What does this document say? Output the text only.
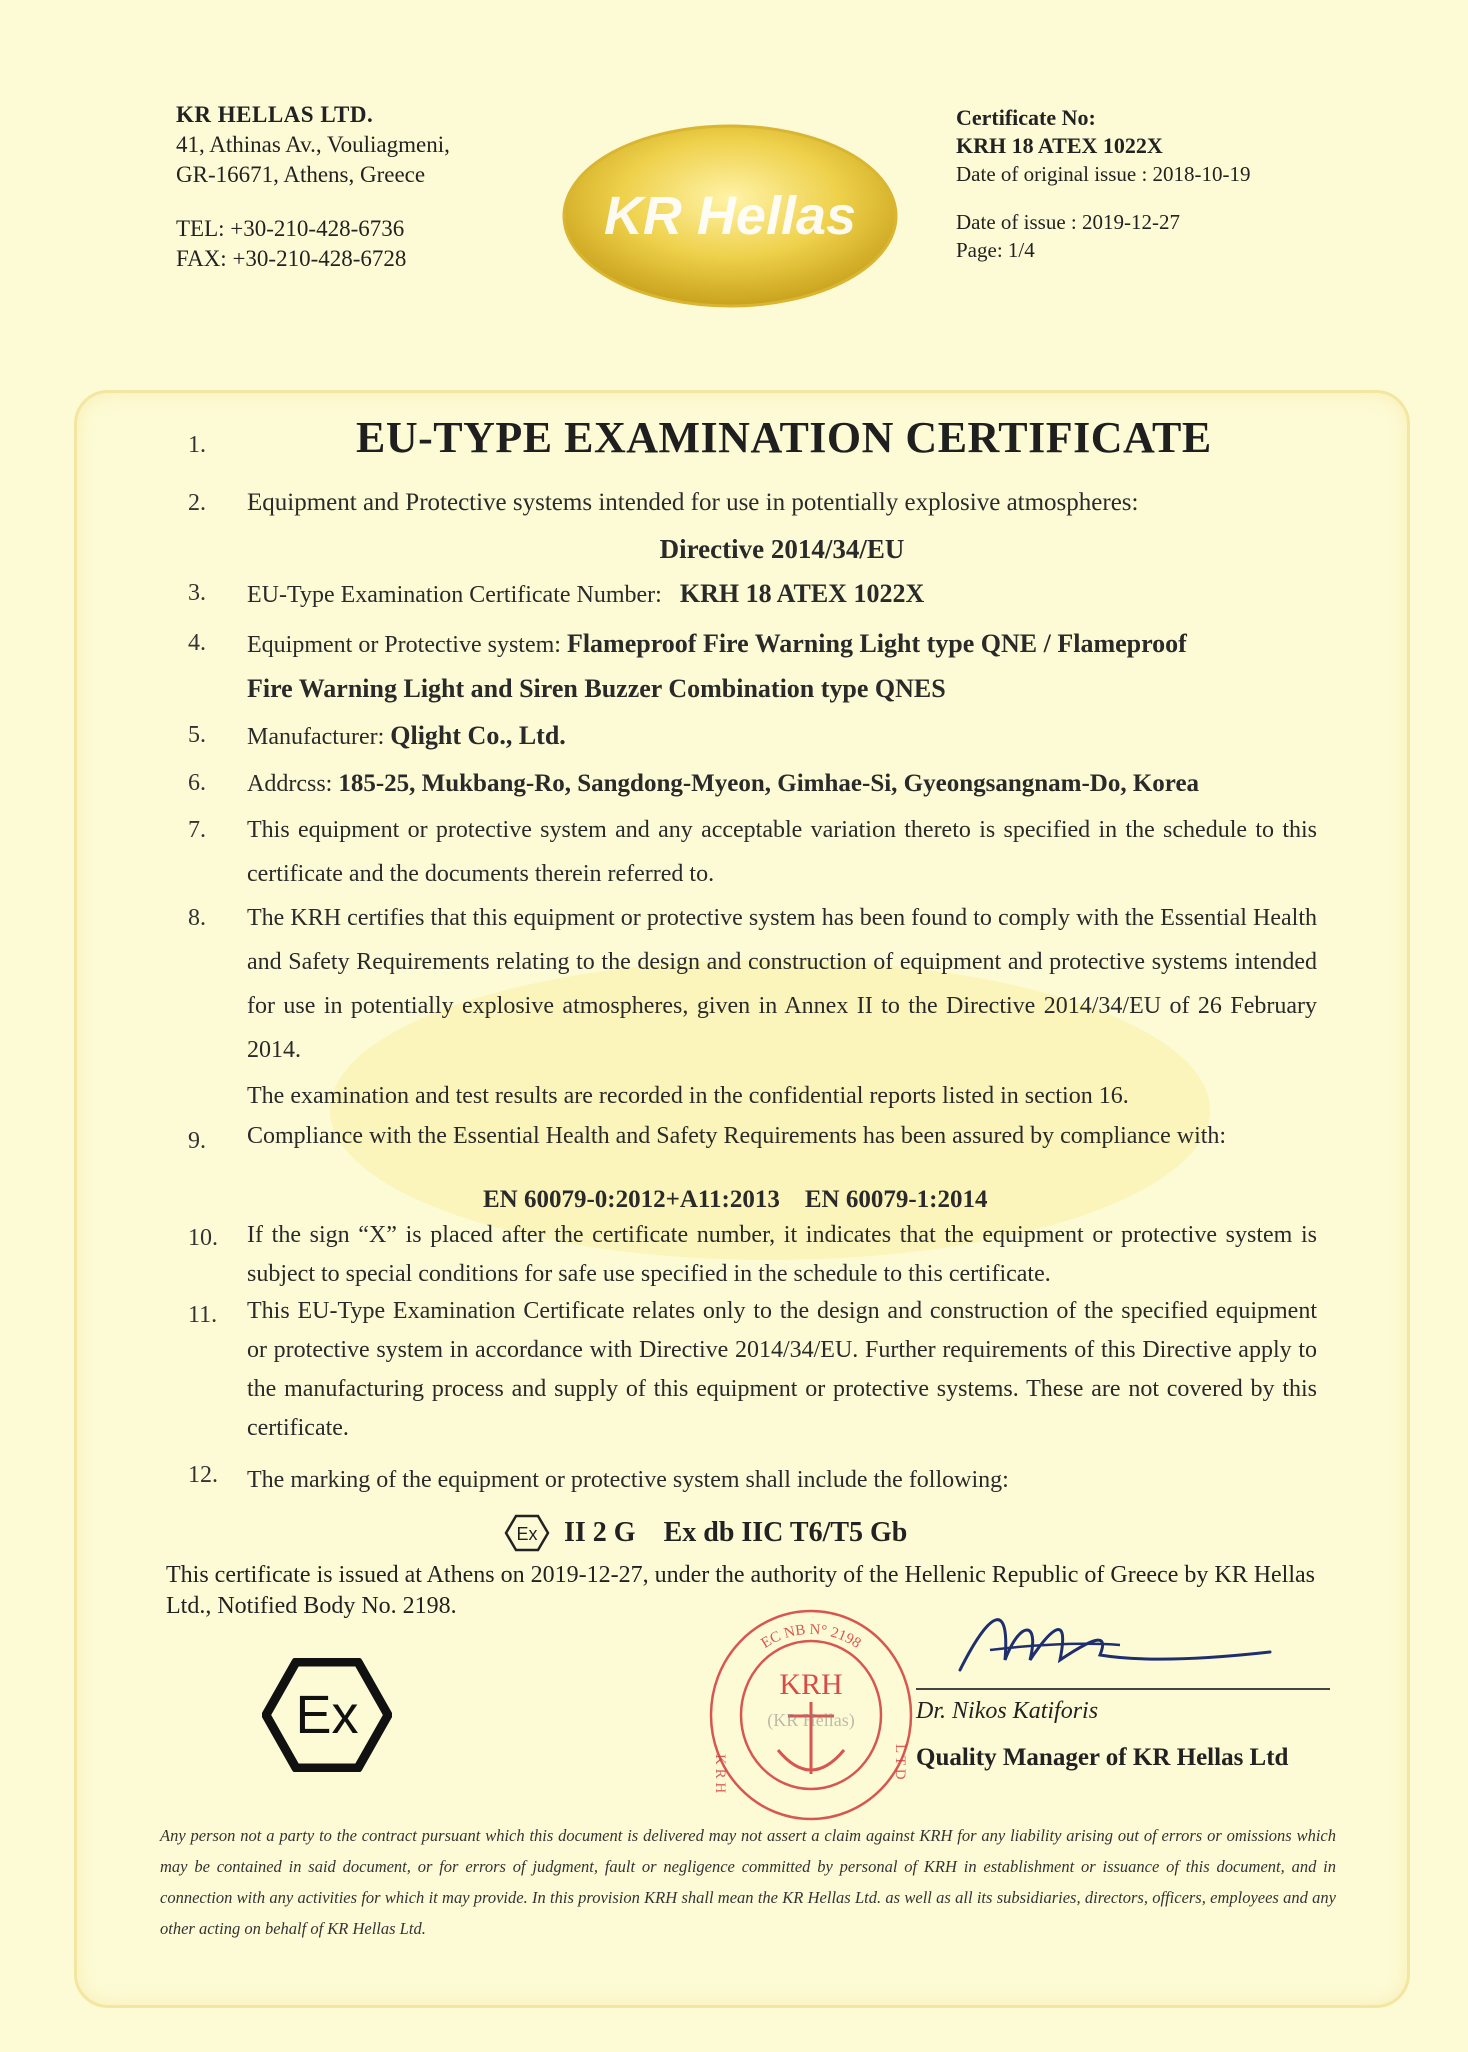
KR HELLAS LTD.
41, Athinas Av., Vouliagmeni,
GR-16671, Athens, Greece
TEL: +30-210-428-6736
FAX: +30-210-428-6728
KR Hellas
Certificate No:
KRH 18 ATEX 1022X
Date of original issue : 2018-10-19
Date of issue : 2019-12-27
Page: 1/4
1.	EU-TYPE EXAMINATION CERTIFICATE
2. Equipment and Protective systems intended for use in potentially explosive atmospheres:
Directive 2014/34/EU
3. EU-Type Examination Certificate Number: KRH 18 ATEX 1022X
4. Equipment or Protective system: Flameproof Fire Warning Light type QNE / Flameproof
Fire Warning Light and Siren Buzzer Combination type QNES
5. Manufacturer: Qlight Co., Ltd.
6. Addrcss: 185-25, Mukbang-Ro, Sangdong-Myeon, Gimhae-Si, Gyeongsangnam-Do, Korea
7. This equipment or protective system and any acceptable variation thereto is specified in the schedule to this certificate and the documents therein referred to.
8. The KRH certifies that this equipment or protective system has been found to comply with the Essential Health and Safety Requirements relating to the design and construction of equipment and protective systems intended for use in potentially explosive atmospheres, given in Annex II to the Directive 2014/34/EU of 26 February 2014.
The examination and test results are recorded in the confidential reports listed in section 16.
9. Compliance with the Essential Health and Safety Requirements has been assured by compliance with:
EN 60079-0:2012+A11:2013    EN 60079-1:2014
10. If the sign “X” is placed after the certificate number, it indicates that the equipment or protective system is subject to special conditions for safe use specified in the schedule to this certificate.
11. This EU-Type Examination Certificate relates only to the design and construction of the specified equipment or protective system in accordance with Directive 2014/34/EU. Further requirements of this Directive apply to the manufacturing process and supply of this equipment or protective systems. These are not covered by this certificate.
12. The marking of the equipment or protective system shall include the following:
Ex II 2 G    Ex db IIC T6/T5 Gb
This certificate is issued at Athens on 2019-12-27, under the authority of the Hellenic Republic of Greece by KR Hellas Ltd., Notified Body No. 2198.
Ex
EC NB N° 2198
K R H	L T D
KRH
(KR Hellas)	Dr. Nikos Katiforis
Quality Manager of KR Hellas Ltd
Any person not a party to the contract pursuant which this document is delivered may not assert a claim against KRH for any liability arising out of errors or omissions which may be contained in said document, or for errors of judgment, fault or negligence committed by personal of KRH in establishment or issuance of this document, and in connection with any activities for which it may provide. In this provision KRH shall mean the KR Hellas Ltd. as well as all its subsidiaries, directors, officers, employees and any other acting on behalf of KR Hellas Ltd.
